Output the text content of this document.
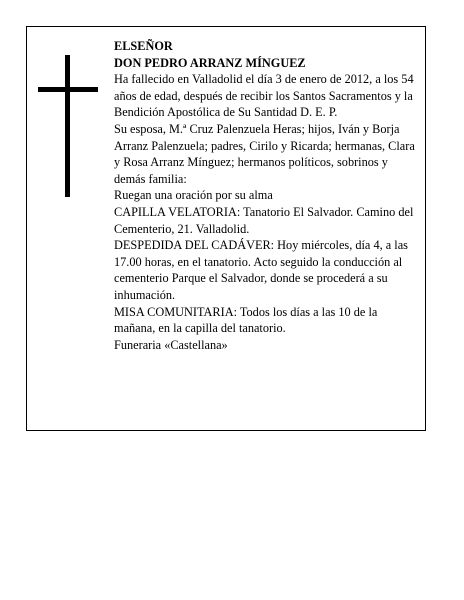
ELSEÑOR

DON PEDRO ARRANZ MÍNGUEZ

Ha fallecido en Valladolid el día 3 de enero de 2012, a los 54 años de edad, después de recibir los Santos Sacramentos y la Bendición Apostólica de Su Santidad D. E. P.

Su esposa, M.ª Cruz Palenzuela Heras; hijos, Iván y Borja Arranz Palenzuela; padres, Cirilo y Ricarda; hermanas, Clara y Rosa Arranz Mínguez; hermanos políticos, sobrinos y demás familia:

Ruegan una oración por su alma

CAPILLA VELATORIA: Tanatorio El Salvador. Camino del Cementerio, 21. Valladolid.

DESPEDIDA DEL CADÁVER: Hoy miércoles, día 4, a las 17.00 horas, en el tanatorio. Acto seguido la conducción al cementerio Parque el Salvador, donde se procederá a su inhumación.

MISA COMUNITARIA: Todos los días a las 10 de la mañana, en la capilla del tanatorio.

Funeraria «Castellana»
